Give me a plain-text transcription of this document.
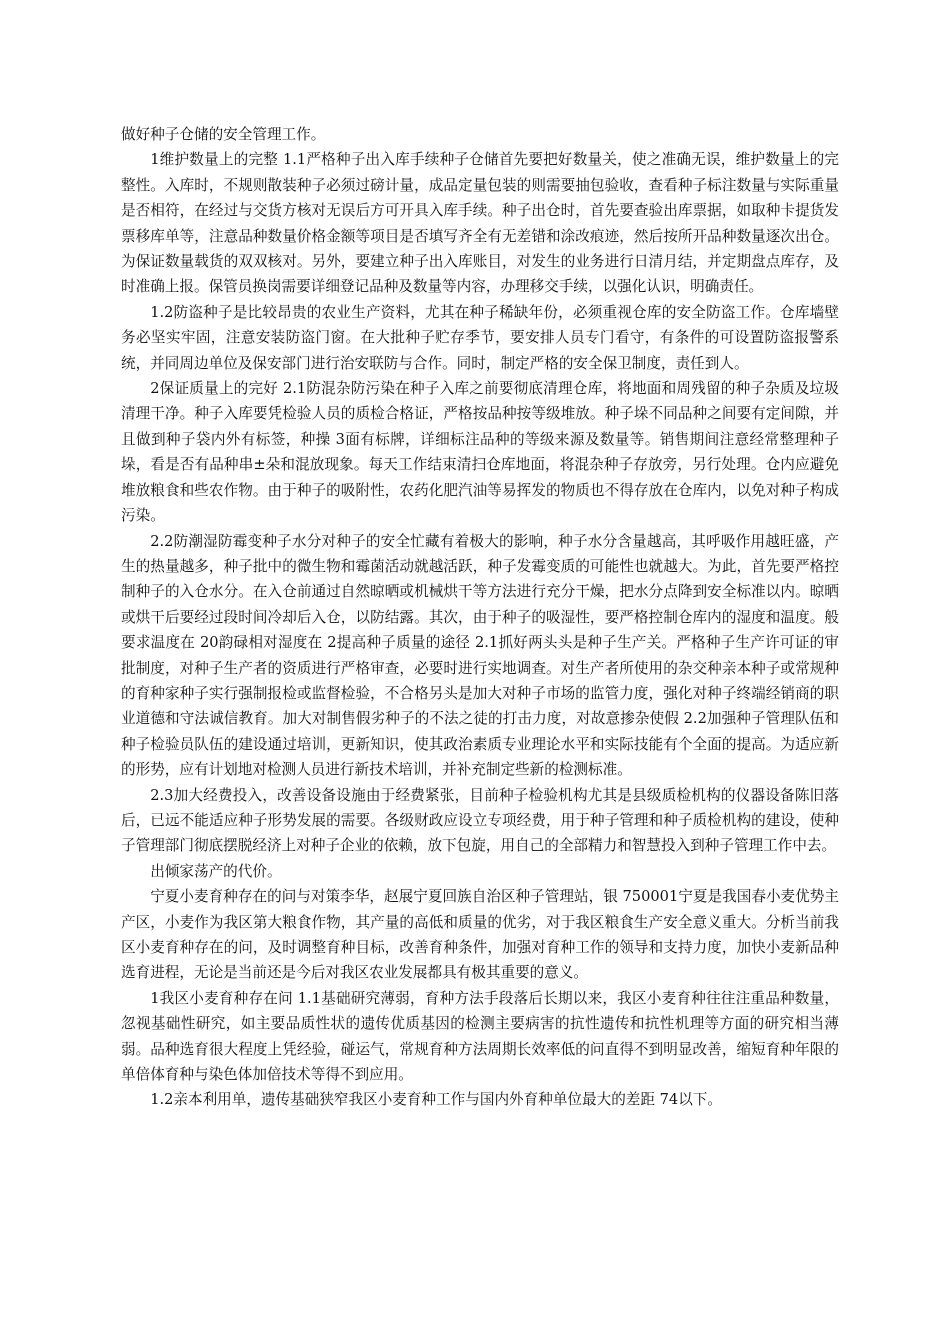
做好种子仓储的安全管理工作。

1维护数量上的完整 1.1严格种子出入库手续种子仓储首先要把好数量关，使之准确无误，维护数量上的完整性。入库时，不规则散装种子必须过磅计量，成品定量包装的则需要抽包验收，查看种子标注数量与实际重量是否相符，在经过与交货方核对无误后方可开具入库手续。种子出仓时，首先要查验出库票据，如取种卡提货发票移库单等，注意品种数量价格金额等项目是否填写齐全有无差错和涂改痕迹，然后按所开品种数量逐次出仓。为保证数量载货的双双核对。另外，要建立种子出入库账目，对发生的业务进行日清月结，并定期盘点库存，及时准确上报。保管员换岗需要详细登记品种及数量等内容，办理移交手续，以强化认识，明确责任。

1.2防盗种子是比较昂贵的农业生产资料，尤其在种子稀缺年份，必须重视仓库的安全防盗工作。仓库墙壁务必坚实牢固，注意安装防盗门窗。在大批种子贮存季节，要安排人员专门看守，有条件的可设置防盗报警系统，并同周边单位及保安部门进行治安联防与合作。同时，制定严格的安全保卫制度，责任到人。

2保证质量上的完好 2.1防混杂防污染在种子入库之前要彻底清理仓库，将地面和周残留的种子杂质及垃圾清理干净。种子入库要凭检验人员的质检合格证，严格按品种按等级堆放。种子垛不同品种之间要有定间隙，并且做到种子袋内外有标签，种操 3面有标牌，详细标注品种的等级来源及数量等。销售期间注意经常整理种子垛，看是否有品种串±朵和混放现象。每天工作结束清扫仓库地面，将混杂种子存放旁，另行处理。仓内应避免堆放粮食和些农作物。由于种子的吸附性，农药化肥汽油等易挥发的物质也不得存放在仓库内，以免对种子构成污染。

2.2防潮湿防霉变种子水分对种子的安全忙藏有着极大的影响，种子水分含量越高，其呼吸作用越旺盛，产生的热量越多，种子批中的微生物和霉菌活动就越活跃，种子发霉变质的可能性也就越大。为此，首先要严格控制种子的入仓水分。在入仓前通过自然晾晒或机械烘干等方法进行充分干燥，把水分点降到安全标准以内。晾晒或烘干后要经过段时间冷却后入仓，以防结露。其次，由于种子的吸湿性，要严格控制仓库内的湿度和温度。般要求温度在 20韵碌相对湿度在 2提高种子质量的途径 2.1抓好两头头是种子生产关。严格种子生产许可证的审批制度，对种子生产者的资质进行严格审查，必要时进行实地调查。对生产者所使用的杂交种亲本种子或常规种的育种家种子实行强制报检或监督检验，不合格另头是加大对种子市场的监管力度，强化对种子终端经销商的职业道德和守法诚信教育。加大对制售假劣种子的不法之徒的打击力度，对故意掺杂使假 2.2加强种子管理队伍和种子检验员队伍的建设通过培训，更新知识，使其政治素质专业理论水平和实际技能有个全面的提高。为适应新的形势，应有计划地对检测人员进行新技术培训，并补充制定些新的检测标准。

2.3加大经费投入，改善设备设施由于经费紧张，目前种子检验机构尤其是县级质检机构的仪器设备陈旧落后，已远不能适应种子形势发展的需要。各级财政应设立专项经费，用于种子管理和种子质检机构的建设，使种子管理部门彻底摆脱经济上对种子企业的依赖，放下包旋，用自己的全部精力和智慧投入到种子管理工作中去。

出倾家荡产的代价。

宁夏小麦育种存在的问与对策李华，赵展宁夏回族自治区种子管理站，银 750001宁夏是我国春小麦优势主产区，小麦作为我区第大粮食作物，其产量的高低和质量的优劣，对于我区粮食生产安全意义重大。分析当前我区小麦育种存在的问，及时调整育种目标，改善育种条件，加强对育种工作的领导和支持力度，加快小麦新品种选育进程，无论是当前还是今后对我区农业发展都具有极其重要的意义。

1我区小麦育种存在问 1.1基础研究薄弱，育种方法手段落后长期以来，我区小麦育种往往注重品种数量，忽视基础性研究，如主要品质性状的遗传优质基因的检测主要病害的抗性遗传和抗性机理等方面的研究相当薄弱。品种选育很大程度上凭经验，碰运气，常规育种方法周期长效率低的问直得不到明显改善，缩短育种年限的单倍体育种与染色体加倍技术等得不到应用。

1.2亲本利用单，遗传基础狭窄我区小麦育种工作与国内外育种单位最大的差距 74以下。
